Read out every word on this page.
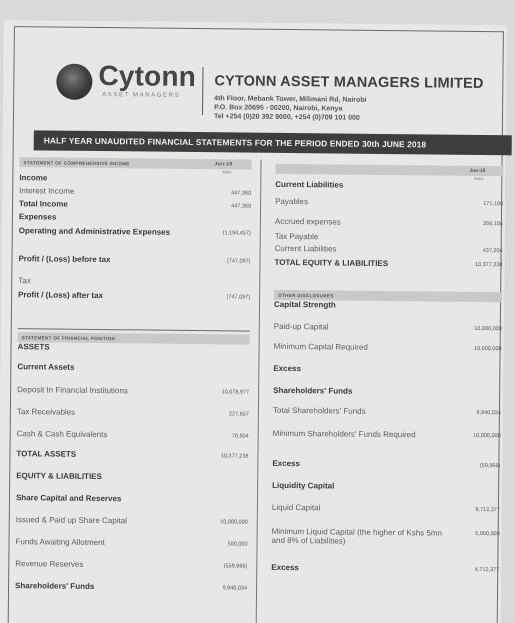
Cytonn
ASSET MANAGERS
CYTONN ASSET MANAGERS LIMITED
4th Floor, Mebank Tower, Milimani Rd, Nairobi
P.O. Box 20695 - 00200, Nairobi, Kenya
Tel +254 (0)20 392 9000, +254 (0)709 101 000
HALF YEAR UNAUDITED FINANCIAL STATEMENTS FOR THE PERIOD ENDED 30th JUNE 2018
STATEMENT OF COMPREHENSIVE INCOME	Jun-18
Kshs
Income
Interest Income	447,360
Total Income	447,360
Expenses
Operating and Administrative Expenses	(1,194,457)
Profit / (Loss) before tax	(747,097)
Tax
Profit / (Loss) after tax	(747,097)
STATEMENT OF FINANCIAL POSITION
ASSETS
Current Assets
Deposit In Financial Institutions	10,078,977
Tax Receivables	227,657
Cash & Cash Equivalents	70,604
TOTAL ASSETS	10,377,238
EQUITY & LIABILITIES
Share Capital and Reserves
Issued & Paid up Share Capital	10,000,000
Funds Awaiting Allotment	500,000
Revenue Reserves	(559,966)
Shareholders' Funds	9,940,034
Jun-18
Kshs
Current Liabilities
Payables	171,100
Accrued expenses	266,104
Tax Payable
Current Liabilities	437,204
TOTAL EQUITY & LIABILITIES	10,377,238
OTHER DISCLOSURES
Capital Strength
Paid-up Capital	10,000,000
Minimum Capital Required	10,000,000
Excess
Shareholders' Funds
Total Shareholders' Funds	9,940,034
Minimum Shareholders' Funds Required	10,000,000
Excess	(59,966)
Liquidity Capital
Liquid Capital	9,712,377
Minimum Liquid Capital (the higher of Kshs 5mn and 8% of Liabilities)
5,000,000
Excess	4,712,377
